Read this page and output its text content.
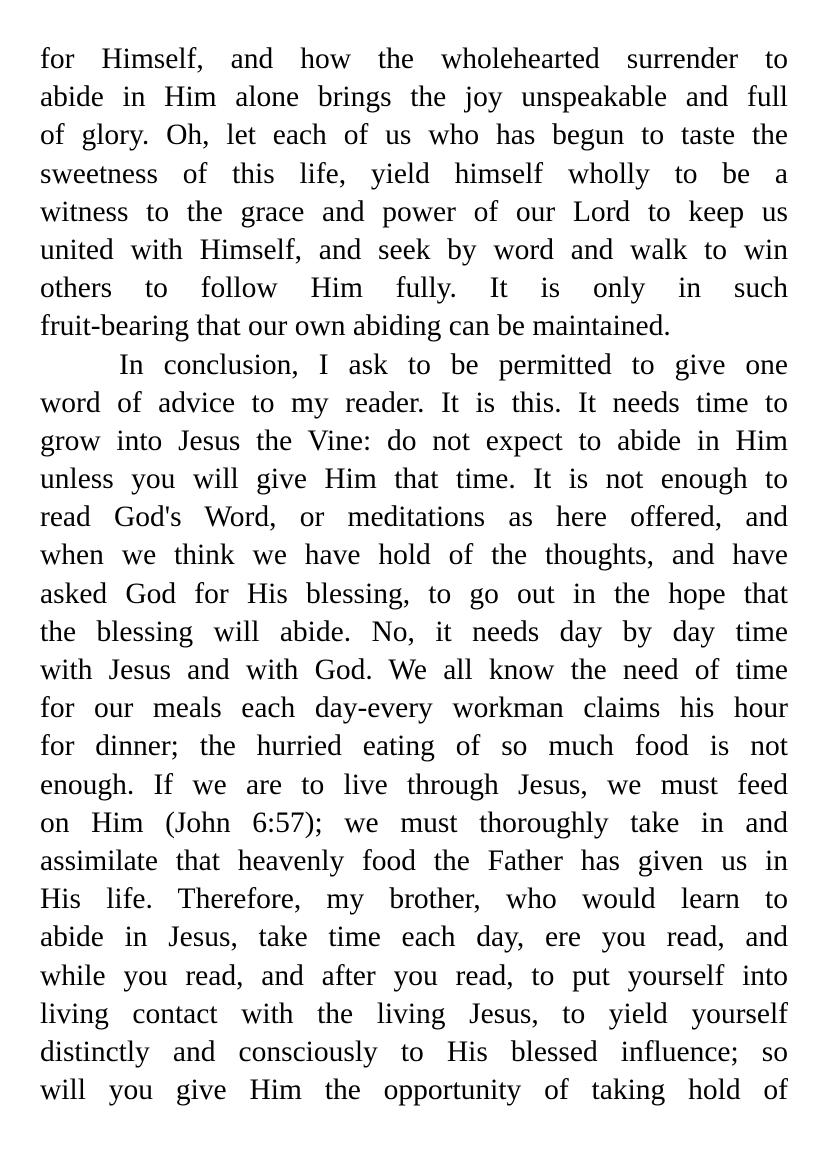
for Himself, and how the wholehearted surrender to
abide in Him alone brings the joy unspeakable and full
of glory. Oh, let each of us who has begun to taste the
sweetness of this life, yield himself wholly to be a
witness to the grace and power of our Lord to keep us
united with Himself, and seek by word and walk to win
others to follow Him fully. It is only in such
fruit-bearing that our own abiding can be maintained.
In conclusion, I ask to be permitted to give one
word of advice to my reader. It is this. It needs time to
grow into Jesus the Vine: do not expect to abide in Him
unless you will give Him that time. It is not enough to
read God's Word, or meditations as here offered, and
when we think we have hold of the thoughts, and have
asked God for His blessing, to go out in the hope that
the blessing will abide. No, it needs day by day time
with Jesus and with God. We all know the need of time
for our meals each day-every workman claims his hour
for dinner; the hurried eating of so much food is not
enough. If we are to live through Jesus, we must feed
on Him (John 6:57); we must thoroughly take in and
assimilate that heavenly food the Father has given us in
His life. Therefore, my brother, who would learn to
abide in Jesus, take time each day, ere you read, and
while you read, and after you read, to put yourself into
living contact with the living Jesus, to yield yourself
distinctly and consciously to His blessed influence; so
will you give Him the opportunity of taking hold of
